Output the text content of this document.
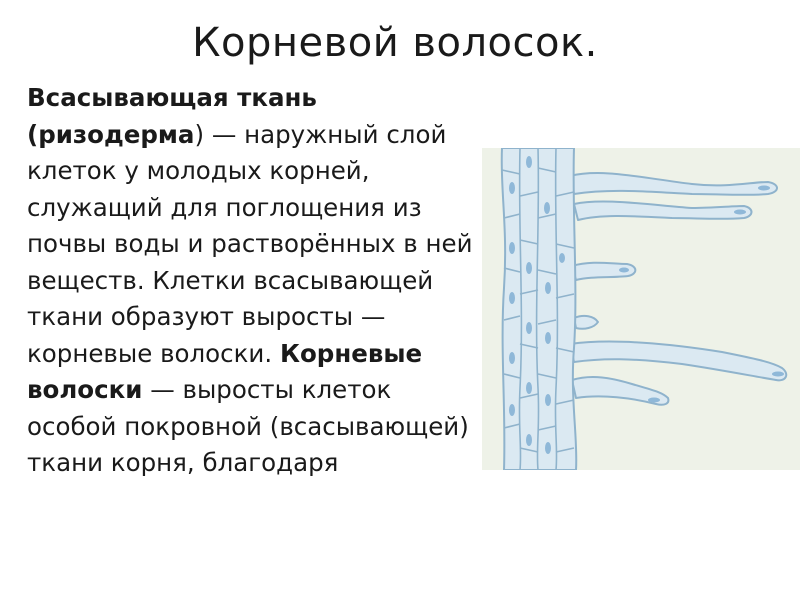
Корневой волосок.
Всасывающая ткань (ризодерма) — наружный слой клеток у молодых корней, служащий для поглощения из почвы воды и растворённых в ней веществ. Клетки всасывающей ткани образуют выросты — корневые волоски. Корневые волоски — выросты клеток особой покровной (всасывающей) ткани корня, благодаря
